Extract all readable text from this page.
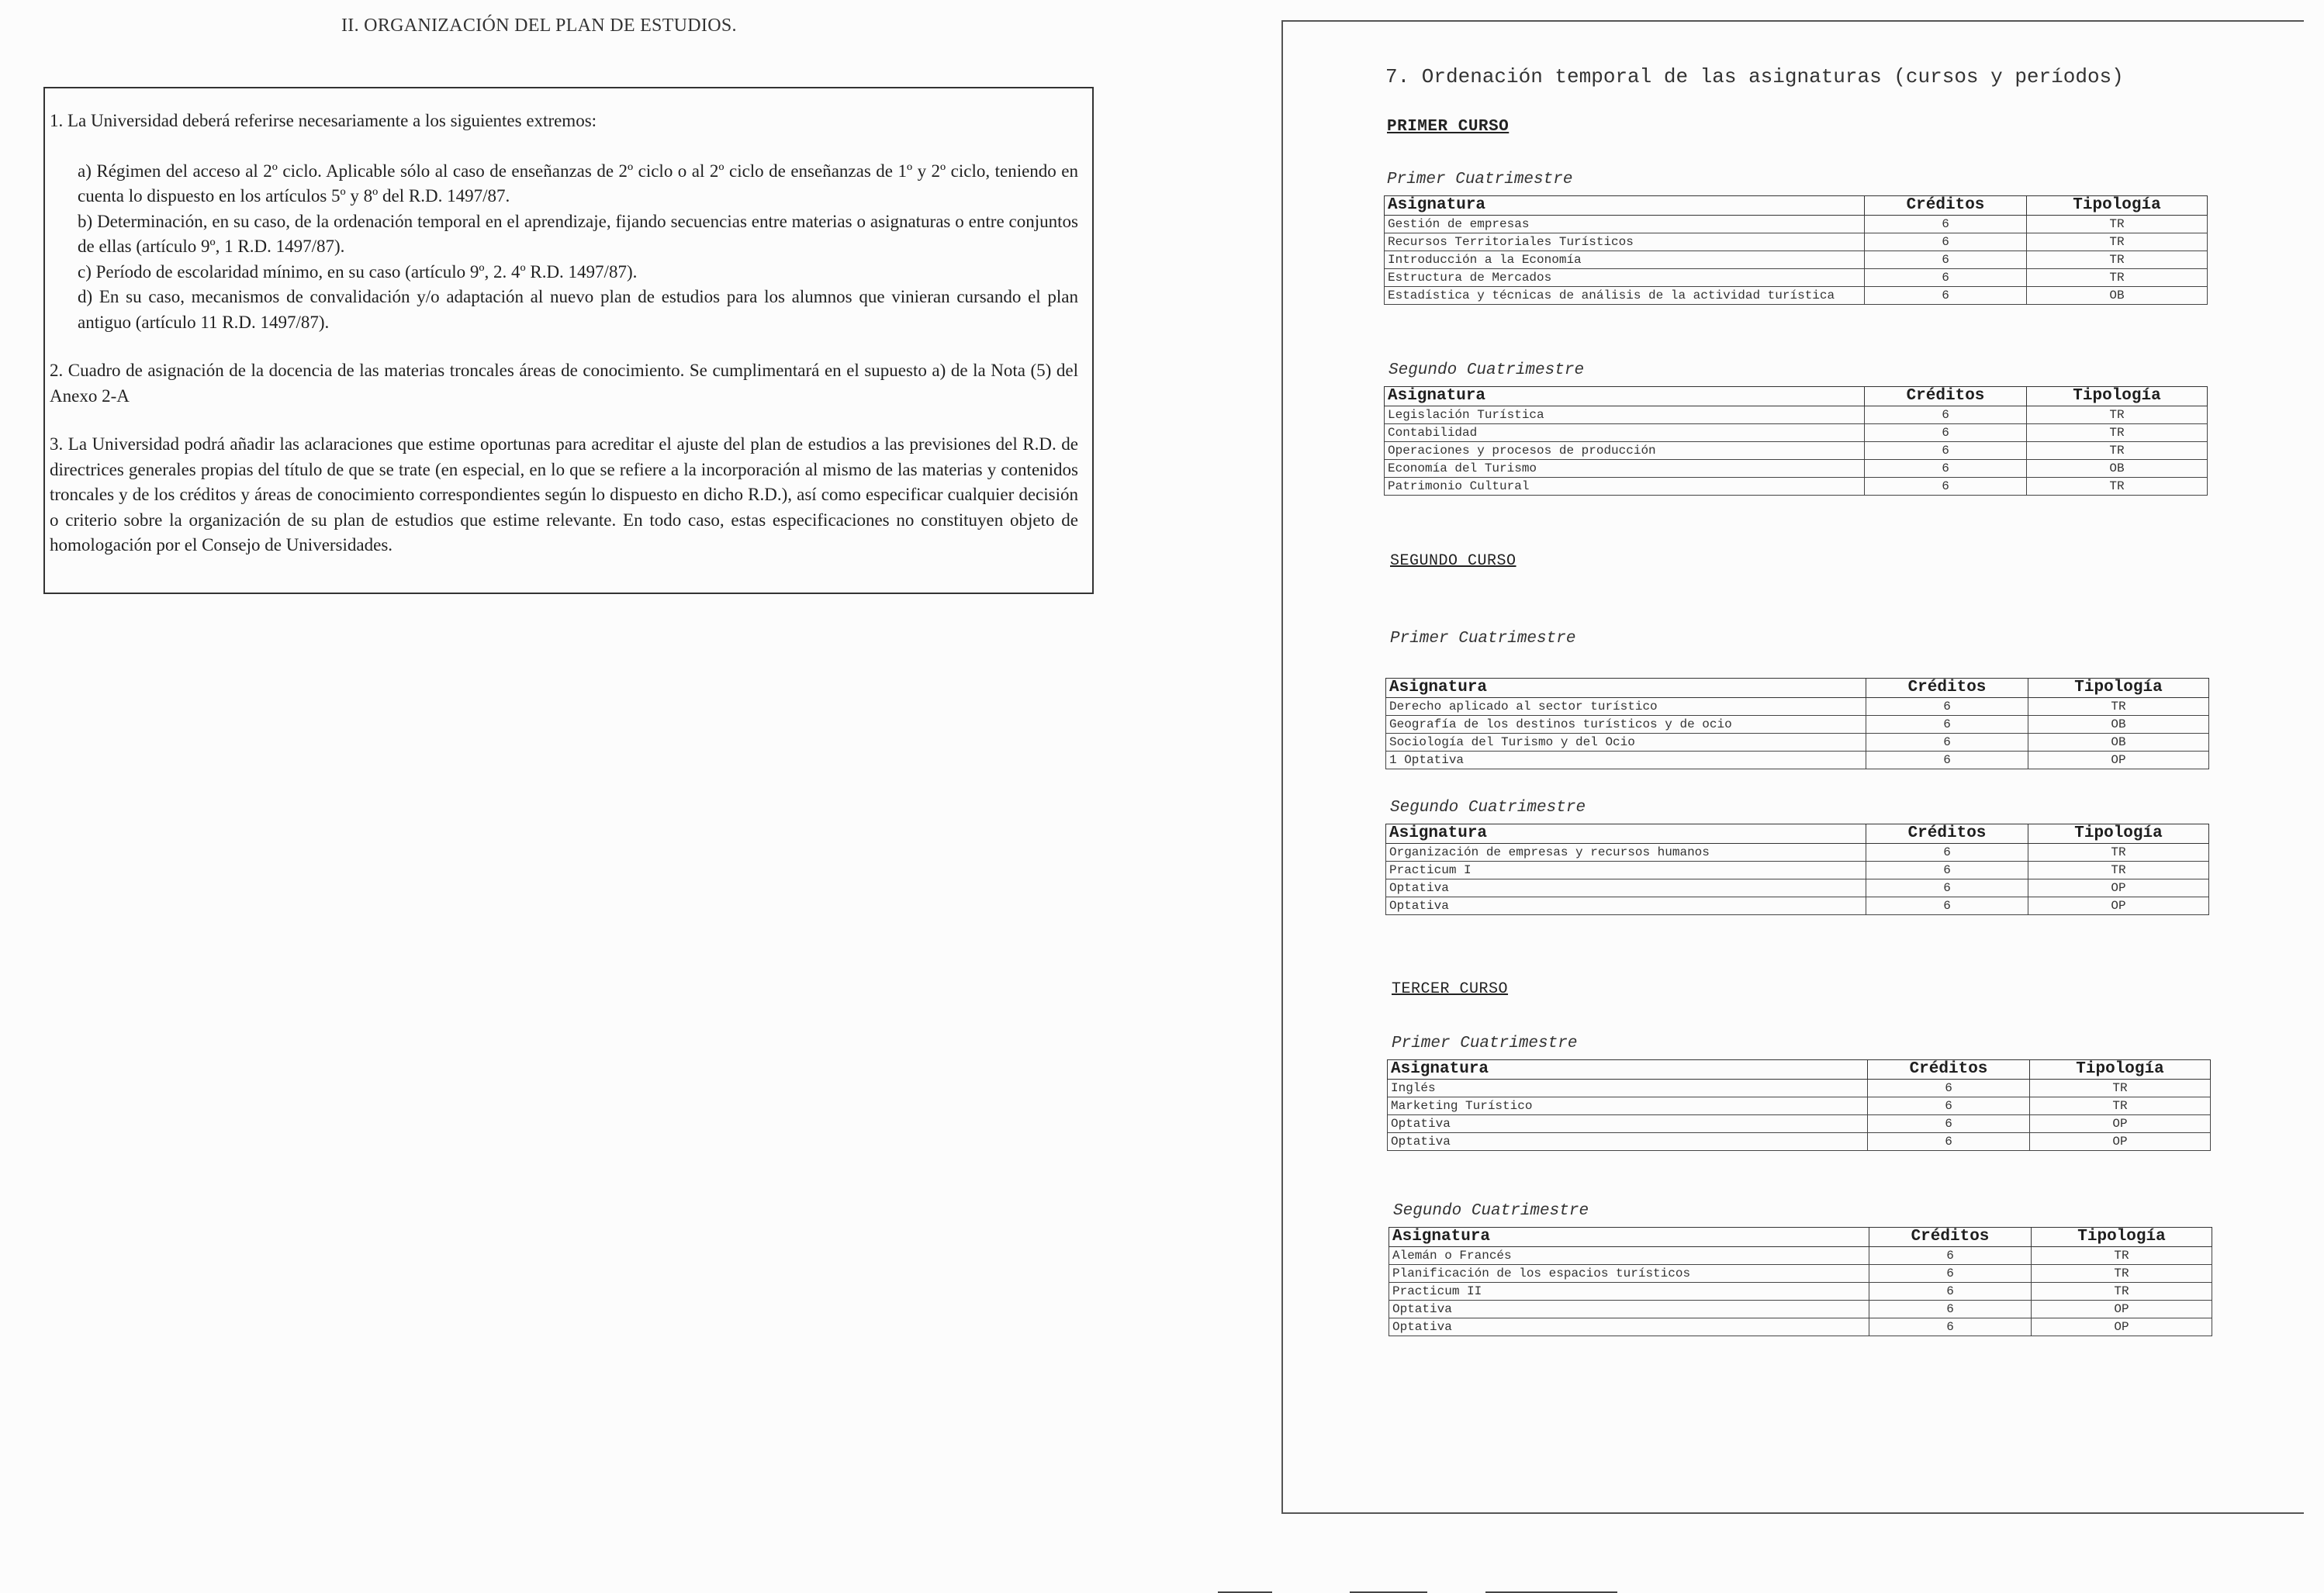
II. ORGANIZACIÓN DEL PLAN DE ESTUDIOS.

1. La Universidad deberá referirse necesariamente a los siguientes extremos:

a) Régimen del acceso al 2º ciclo. Aplicable sólo al caso de enseñanzas de 2º ciclo o al 2º ciclo de enseñanzas de 1º y 2º ciclo, teniendo en cuenta lo dispuesto en los artículos 5º y 8º del R.D. 1497/87.

b) Determinación, en su caso, de la ordenación temporal en el aprendizaje, fijando secuencias entre materias o asignaturas o entre conjuntos de ellas (artículo 9º, 1 R.D. 1497/87).

c) Período de escolaridad mínimo, en su caso (artículo 9º, 2. 4º R.D. 1497/87).

d) En su caso, mecanismos de convalidación y/o adaptación al nuevo plan de estudios para los alumnos que vinieran cursando el plan antiguo (artículo 11 R.D. 1497/87).

2. Cuadro de asignación de la docencia de las materias troncales áreas de conocimiento. Se cumplimentará en el supuesto a) de la Nota (5) del Anexo 2-A

3. La Universidad podrá añadir las aclaraciones que estime oportunas para acreditar el ajuste del plan de estudios a las previsiones del R.D. de directrices generales propias del título de que se trate (en especial, en lo que se refiere a la incorporación al mismo de las materias y contenidos troncales y de los créditos y áreas de conocimiento correspondientes según lo dispuesto en dicho R.D.), así como especificar cualquier decisión o criterio sobre la organización de su plan de estudios que estime relevante. En todo caso, estas especificaciones no constituyen objeto de homologación por el Consejo de Universidades.

7. Ordenación temporal de las asignaturas (cursos y períodos)
PRIMER CURSO
Primer Cuatrimestre
Asignatura	Créditos	Tipología
Gestión de empresas	6	TR
Recursos Territoriales Turísticos	6	TR
Introducción a la Economía	6	TR
Estructura de Mercados	6	TR
Estadística y técnicas de análisis de la actividad turística	6	OB
Segundo Cuatrimestre
Asignatura	Créditos	Tipología
Legislación Turística	6	TR
Contabilidad	6	TR
Operaciones y procesos de producción	6	TR
Economía del Turismo	6	OB
Patrimonio Cultural	6	TR
SEGUNDO CURSO
Primer Cuatrimestre
Asignatura	Créditos	Tipología
Derecho aplicado al sector turístico	6	TR
Geografía de los destinos turísticos y de ocio	6	OB
Sociología del Turismo y del Ocio	6	OB
1 Optativa	6	OP
Segundo Cuatrimestre
Asignatura	Créditos	Tipología
Organización de empresas y recursos humanos	6	TR
Practicum I	6	TR
Optativa	6	OP
Optativa	6	OP
TERCER CURSO
Primer Cuatrimestre
Asignatura	Créditos	Tipología
Inglés	6	TR
Marketing Turístico	6	TR
Optativa	6	OP
Optativa	6	OP
Segundo Cuatrimestre
Asignatura	Créditos	Tipología
Alemán o Francés	6	TR
Planificación de los espacios turísticos	6	TR
Practicum II	6	TR
Optativa	6	OP
Optativa	6	OP
